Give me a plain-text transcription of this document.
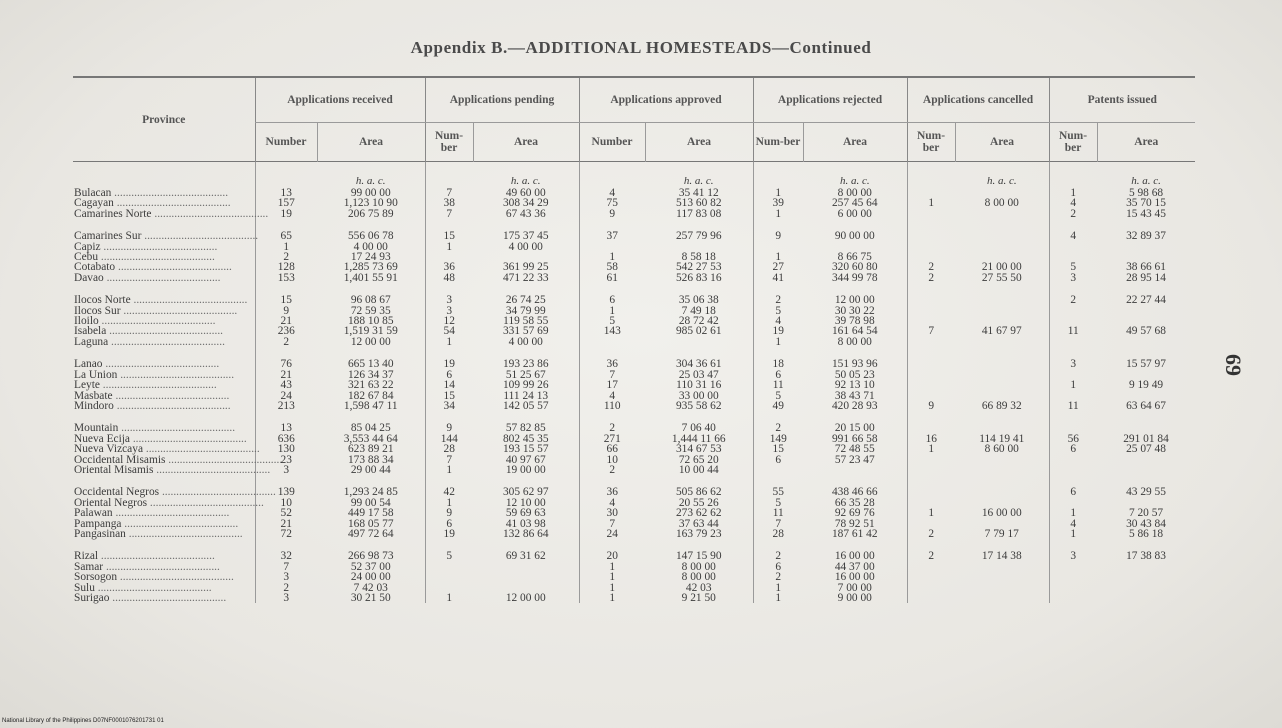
Appendix B.—ADDITIONAL HOMESTEADS—Continued
69
Province	Applications received		Applications pending		Applications approved		Applications rejected		Applications cancelled		Patents issued	
	Number	Area	Num-ber	Area	Number	Area	Num-ber	Area	Num-ber	Area	Num-ber	Area
		h. a. c.		h. a. c.		h. a. c.		h. a. c.		h. a. c.		h. a. c.
Bulacan ........................................	13	99 00 00	7	49 60 00	4	35 41 12	1	8 00 00			1	5 98 68
Cagayan ........................................	157	1,123 10 90	38	308 34 29	75	513 60 82	39	257 45 64	1	8 00 00	4	35 70 15
Camarines Norte ........................................	19	206 75 89	7	67 43 36	9	117 83 08	1	6 00 00			2	15 43 45

Camarines Sur ........................................	65	556 06 78	15	175 37 45	37	257 79 96	9	90 00 00			4	32 89 37
Capiz ........................................	1	4 00 00	1	4 00 00								
Cebu ........................................	2	17 24 93			1	8 58 18	1	8 66 75				
Cotabato ........................................	128	1,285 73 69	36	361 99 25	58	542 27 53	27	320 60 80	2	21 00 00	5	38 66 61
Davao ........................................	153	1,401 55 91	48	471 22 33	61	526 83 16	41	344 99 78	2	27 55 50	3	28 95 14

Ilocos Norte ........................................	15	96 08 67	3	26 74 25	6	35 06 38	2	12 00 00			2	22 27 44
Ilocos Sur ........................................	9	72 59 35	3	34 79 99	1	7 49 18	5	30 30 22				
Iloilo ........................................	21	188 10 85	12	119 58 55	5	28 72 42	4	39 78 98				
Isabela ........................................	236	1,519 31 59	54	331 57 69	143	985 02 61	19	161 64 54	7	41 67 97	11	49 57 68
Laguna ........................................	2	12 00 00	1	4 00 00			1	8 00 00				

Lanao ........................................	76	665 13 40	19	193 23 86	36	304 36 61	18	151 93 96			3	15 57 97
La Union ........................................	21	126 34 37	6	51 25 67	7	25 03 47	6	50 05 23				
Leyte ........................................	43	321 63 22	14	109 99 26	17	110 31 16	11	92 13 10			1	9 19 49
Masbate ........................................	24	182 67 84	15	111 24 13	4	33 00 00	5	38 43 71				
Mindoro ........................................	213	1,598 47 11	34	142 05 57	110	935 58 62	49	420 28 93	9	66 89 32	11	63 64 67

Mountain ........................................	13	85 04 25	9	57 82 85	2	7 06 40	2	20 15 00				
Nueva Ecija ........................................	636	3,553 44 64	144	802 45 35	271	1,444 11 66	149	991 66 58	16	114 19 41	56	291 01 84
Nueva Vizcaya ........................................	130	623 89 21	28	193 15 57	66	314 67 53	15	72 48 55	1	8 60 00	6	25 07 48
Occidental Misamis ........................................	23	173 88 34	7	40 97 67	10	72 65 20	6	57 23 47				
Oriental Misamis ........................................	3	29 00 44	1	19 00 00	2	10 00 44						

Occidental Negros ........................................	139	1,293 24 85	42	305 62 97	36	505 86 62	55	438 46 66			6	43 29 55
Oriental Negros ........................................	10	99 00 54	1	12 10 00	4	20 55 26	5	66 35 28				
Palawan ........................................	52	449 17 58	9	59 69 63	30	273 62 62	11	92 69 76	1	16 00 00	1	7 20 57
Pampanga ........................................	21	168 05 77	6	41 03 98	7	37 63 44	7	78 92 51			4	30 43 84
Pangasinan ........................................	72	497 72 64	19	132 86 64	24	163 79 23	28	187 61 42	2	7 79 17	1	5 86 18

Rizal ........................................	32	266 98 73	5	69 31 62	20	147 15 90	2	16 00 00	2	17 14 38	3	17 38 83
Samar ........................................	7	52 37 00			1	8 00 00	6	44 37 00				
Sorsogon ........................................	3	24 00 00			1	8 00 00	2	16 00 00				
Sulu ........................................	2	7 42 03			1	42 03	1	7 00 00				
Surigao ........................................	3	30 21 50	1	12 00 00	1	9 21 50	1	9 00 00				
National Library of the Philippines D07NF0001076201731 01
